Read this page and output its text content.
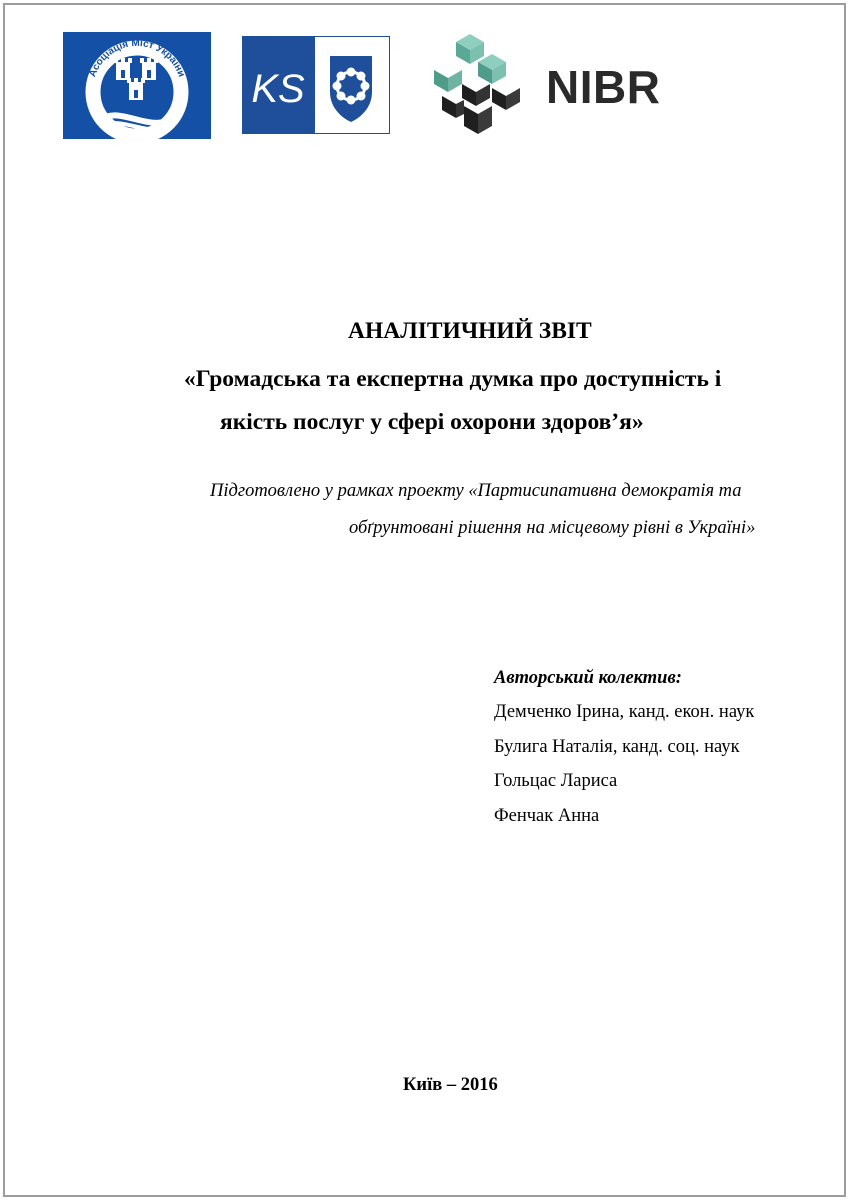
Асоціація Міст України KS	NIBR
АНАЛІТИЧНИЙ ЗВІТ
«Громадська та експертна думка про доступність і
якість послуг у сфері охорони здоров’я»
Підготовлено у рамках проекту «Партисипативна демократія та
обґрунтовані рішення на місцевому рівні в Україні»
Авторський колектив:
Демченко Ірина, канд. екон. наук
Булига Наталія, канд. соц. наук
Гольцас Лариса
Фенчак Анна
Київ – 2016
